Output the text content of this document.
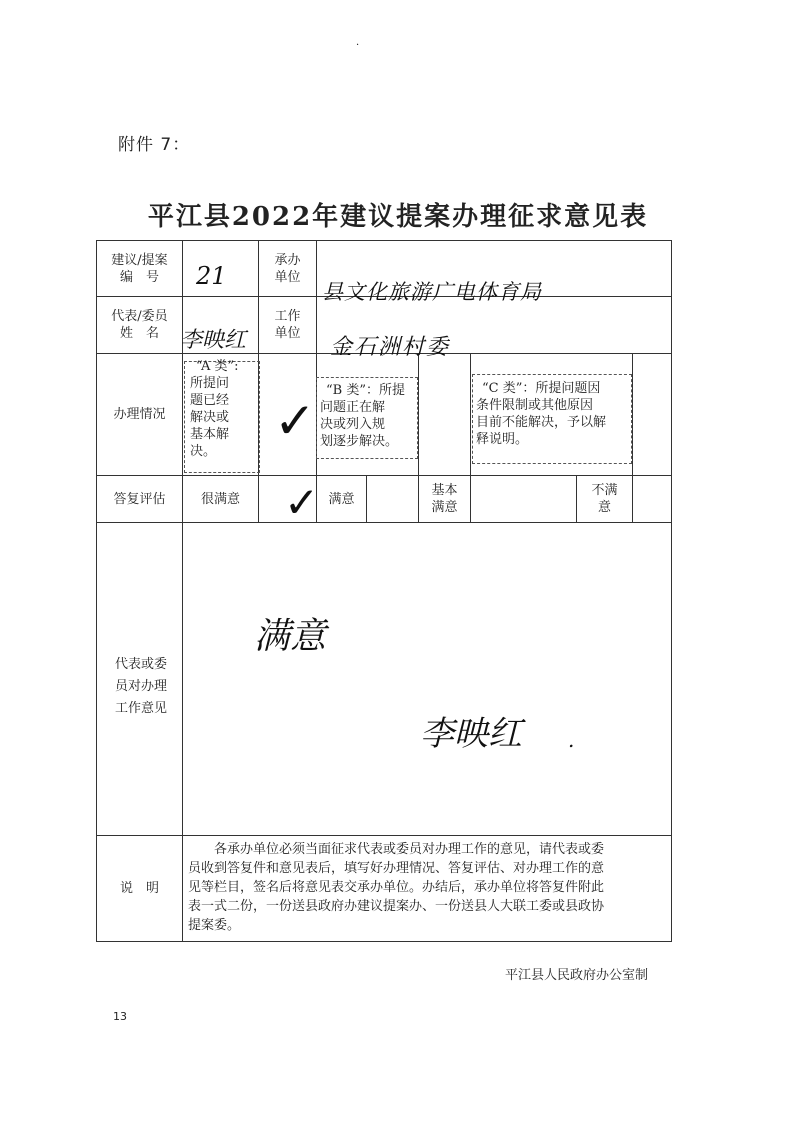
·
附件 7：
平江县2022年建议提案办理征求意见表
建议/提案
编　号 21
承办
单位
县文化旅游广电体育局
代表/委员
姓　名 李映红
工作
单位
金石洲村委
办理情况
“A 类”:
所提问
题已经
解决或
基本解
决。
✓
“B 类”：所提
问题正在解
决或列入规
划逐步解决。
“C 类”：所提问题因
条件限制或其他原因
目前不能解决，予以解
释说明。
答复评估	很满意	✓ 满意
基本
满意
不满
意
代表或委
员对办理
工作意见
满意
李映红 .
说　明
　　各承办单位必须当面征求代表或委员对办理工作的意见，请代表或委
员收到答复件和意见表后，填写好办理情况、答复评估、对办理工作的意
见等栏目，签名后将意见表交承办单位。办结后，承办单位将答复件附此
表一式二份，一份送县政府办建议提案办、一份送县人大联工委或县政协
提案委。
平江县人民政府办公室制
13
